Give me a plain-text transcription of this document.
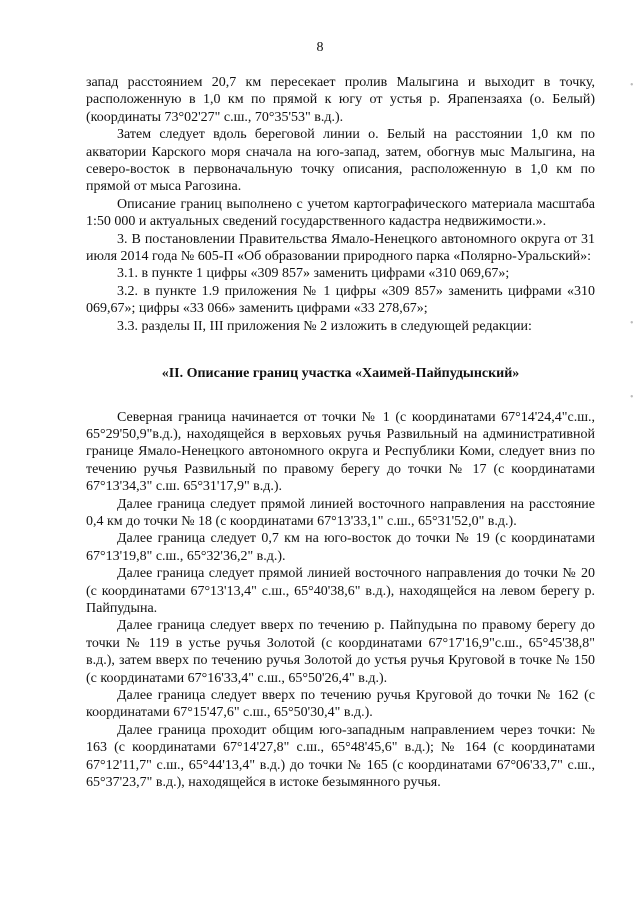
8

запад расстоянием 20,7 км пересекает пролив Малыгина и выходит в точку, расположенную в 1,0 км по прямой к югу от устья р. Ярапензаяха (о. Белый) (координаты 73°02'27" с.ш., 70°35'53" в.д.).

Затем следует вдоль береговой линии о. Белый на расстоянии 1,0 км по акватории Карского моря сначала на юго-запад, затем, обогнув мыс Малыгина, на северо-восток в первоначальную точку описания, расположенную в 1,0 км по прямой от мыса Рагозина.

Описание границ выполнено с учетом картографического материала масштаба 1:50 000 и актуальных сведений государственного кадастра недвижимости.».

3. В постановлении Правительства Ямало-Ненецкого автономного округа от 31 июля 2014 года № 605-П «Об образовании природного парка «Полярно-Уральский»:

3.1. в пункте 1 цифры «309 857» заменить цифрами «310 069,67»;

3.2. в пункте 1.9 приложения № 1 цифры «309 857» заменить цифрами «310 069,67»; цифры «33 066» заменить цифрами «33 278,67»;

3.3. разделы II, III приложения № 2 изложить в следующей редакции:

«II. Описание границ участка «Хаимей-Пайпудынский»

Северная граница начинается от точки № 1 (с координатами 67°14'24,4"с.ш., 65°29'50,9"в.д.), находящейся в верховьях ручья Развильный на административной границе Ямало-Ненецкого автономного округа и Республики Коми, следует вниз по течению ручья Развильный по правому берегу до точки № 17 (с координатами 67°13'34,3" с.ш. 65°31'17,9" в.д.).

Далее граница следует прямой линией восточного направления на расстояние 0,4 км до точки № 18 (с координатами 67°13'33,1" с.ш., 65°31'52,0" в.д.).

Далее граница следует 0,7 км на юго-восток до точки № 19 (с координатами 67°13'19,8" с.ш., 65°32'36,2" в.д.).

Далее граница следует прямой линией восточного направления до точки № 20 (с координатами 67°13'13,4" с.ш., 65°40'38,6" в.д.), находящейся на левом берегу р. Пайпудына.

Далее граница следует вверх по течению р. Пайпудына по правому берегу до точки № 119 в устье ручья Золотой (с координатами 67°17'16,9"с.ш., 65°45'38,8" в.д.), затем вверх по течению ручья Золотой до устья ручья Круговой в точке № 150 (с координатами 67°16'33,4" с.ш., 65°50'26,4" в.д.).

Далее граница следует вверх по течению ручья Круговой до точки № 162 (с координатами 67°15'47,6" с.ш., 65°50'30,4" в.д.).

Далее граница проходит общим юго-западным направлением через точки: № 163 (с координатами 67°14'27,8" с.ш., 65°48'45,6" в.д.); № 164 (с координатами 67°12'11,7" с.ш., 65°44'13,4" в.д.) до точки № 165 (с координатами 67°06'33,7" с.ш., 65°37'23,7" в.д.), находящейся в истоке безымянного ручья.

•
•
•
